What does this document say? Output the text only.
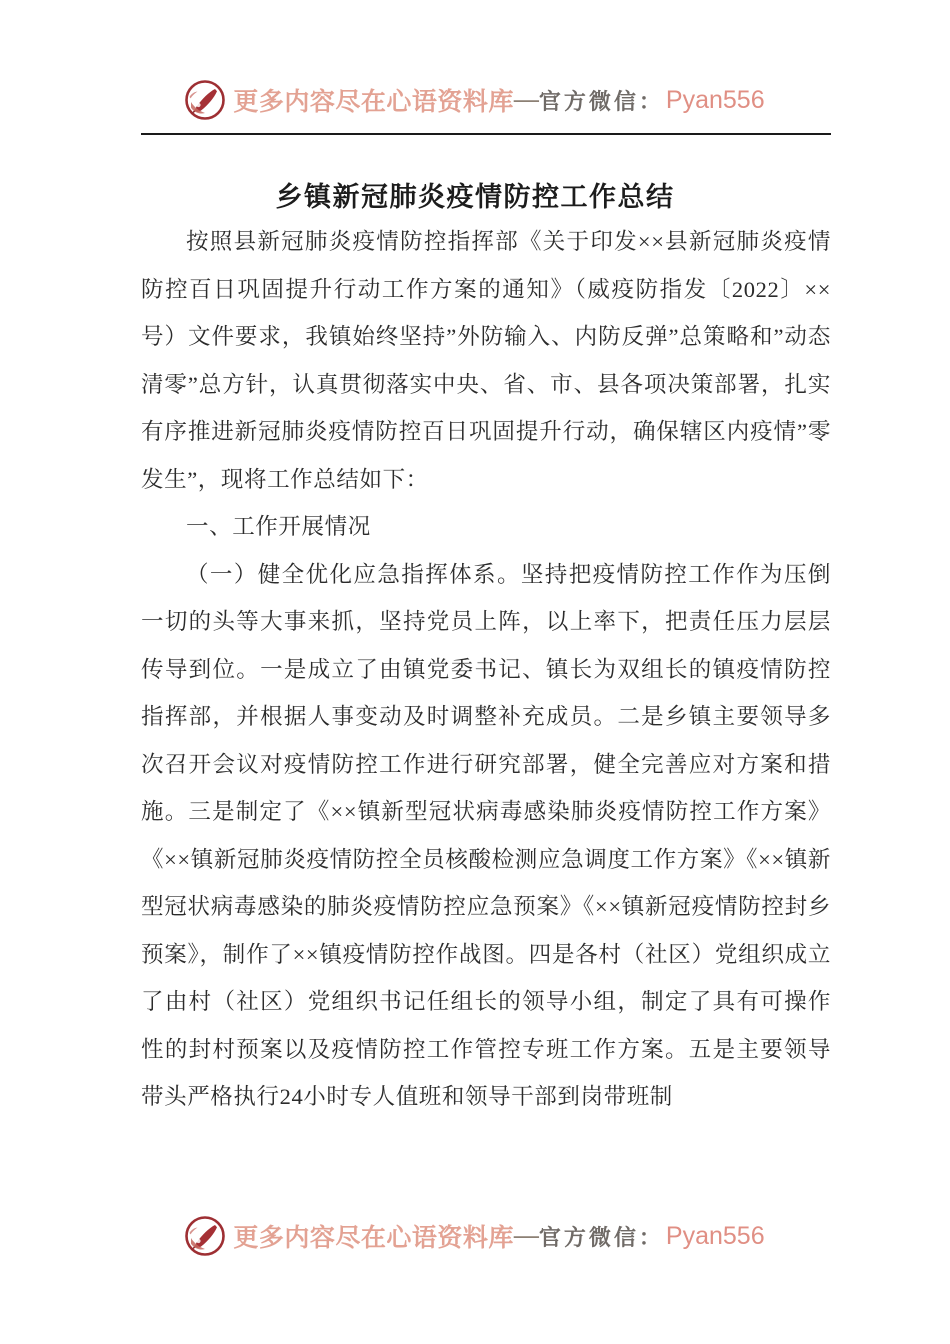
更多内容尽在心语资料库 — 官方微信： Pyan556
乡镇新冠肺炎疫情防控工作总结

按照县新冠肺炎疫情防控指挥部《关于印发××县新冠肺炎疫情防控百日巩固提升行动工作方案的通知》（威疫防指发〔2022〕××号）文件要求，我镇始终坚持”外防输入、内防反弹”总策略和”动态清零”总方针，认真贯彻落实中央、省、市、县各项决策部署，扎实有序推进新冠肺炎疫情防控百日巩固提升行动，确保辖区内疫情”零发生”，现将工作总结如下：

一、工作开展情况

（一）健全优化应急指挥体系。坚持把疫情防控工作作为压倒一切的头等大事来抓，坚持党员上阵，以上率下，把责任压力层层传导到位。一是成立了由镇党委书记、镇长为双组长的镇疫情防控指挥部，并根据人事变动及时调整补充成员。二是乡镇主要领导多次召开会议对疫情防控工作进行研究部署，健全完善应对方案和措施。三是制定了《××镇新型冠状病毒感染肺炎疫情防控工作方案》《××镇新冠肺炎疫情防控全员核酸检测应急调度工作方案》《××镇新型冠状病毒感染的肺炎疫情防控应急预案》《××镇新冠疫情防控封乡预案》，制作了××镇疫情防控作战图。四是各村（社区）党组织成立了由村（社区）党组织书记任组长的领导小组，制定了具有可操作性的封村预案以及疫情防控工作管控专班工作方案。五是主要领导带头严格执行24小时专人值班和领导干部到岗带班制

更多内容尽在心语资料库 — 官方微信： Pyan556
